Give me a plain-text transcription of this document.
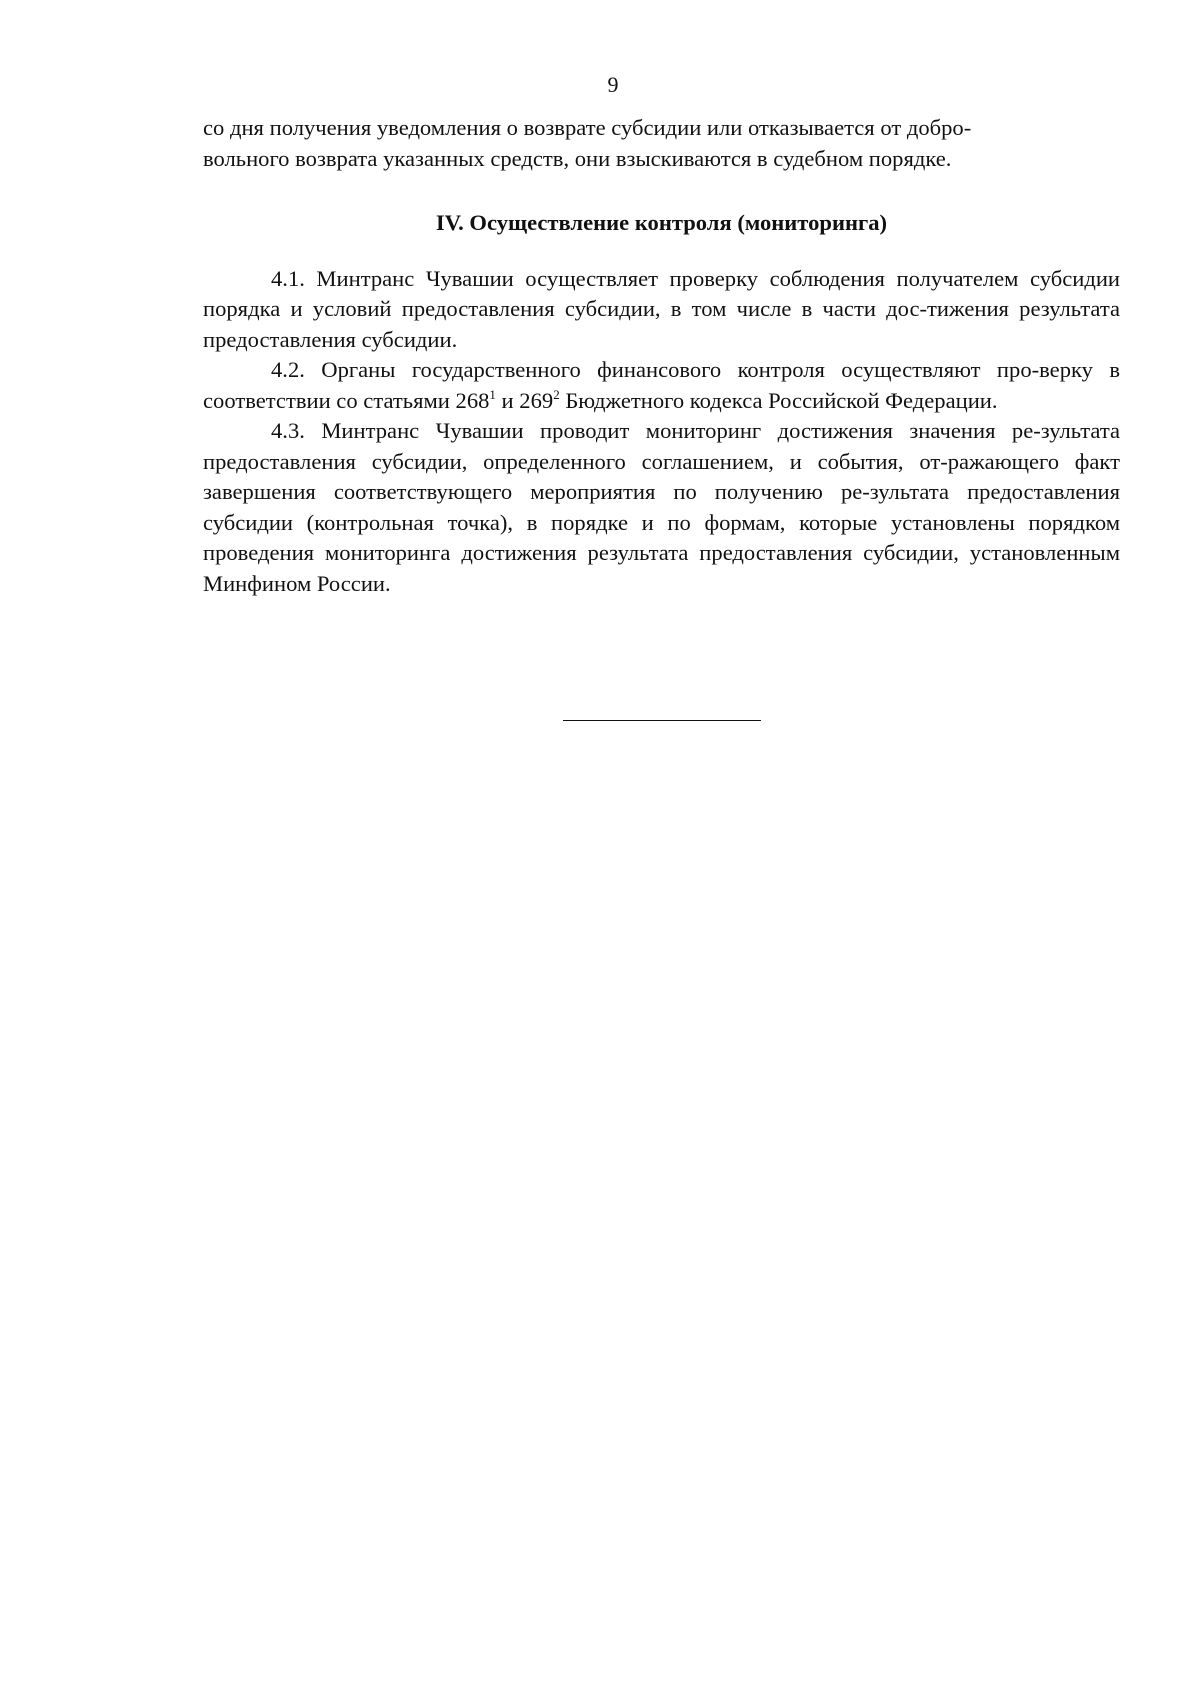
9

со дня получения уведомления о возврате субсидии или отказывается от добро-
вольного возврата указанных средств, они взыскиваются в судебном порядке.

IV. Осуществление контроля (мониторинга)

4.1. Минтранс Чувашии осуществляет проверку соблюдения получателем субсидии порядка и условий предоставления субсидии, в том числе в части дос-тижения результата предоставления субсидии.

4.2. Органы государственного финансового контроля осуществляют про-верку в соответствии со статьями $268^1$ и $269^2$ Бюджетного кодекса Российской Федерации.

4.3. Минтранс Чувашии проводит мониторинг достижения значения ре-зультата предоставления субсидии, определенного соглашением, и события, от-ражающего факт завершения соответствующего мероприятия по получению ре-зультата предоставления субсидии (контрольная точка), в порядке и по формам, которые установлены порядком проведения мониторинга достижения результата предоставления субсидии, установленным Минфином России.
